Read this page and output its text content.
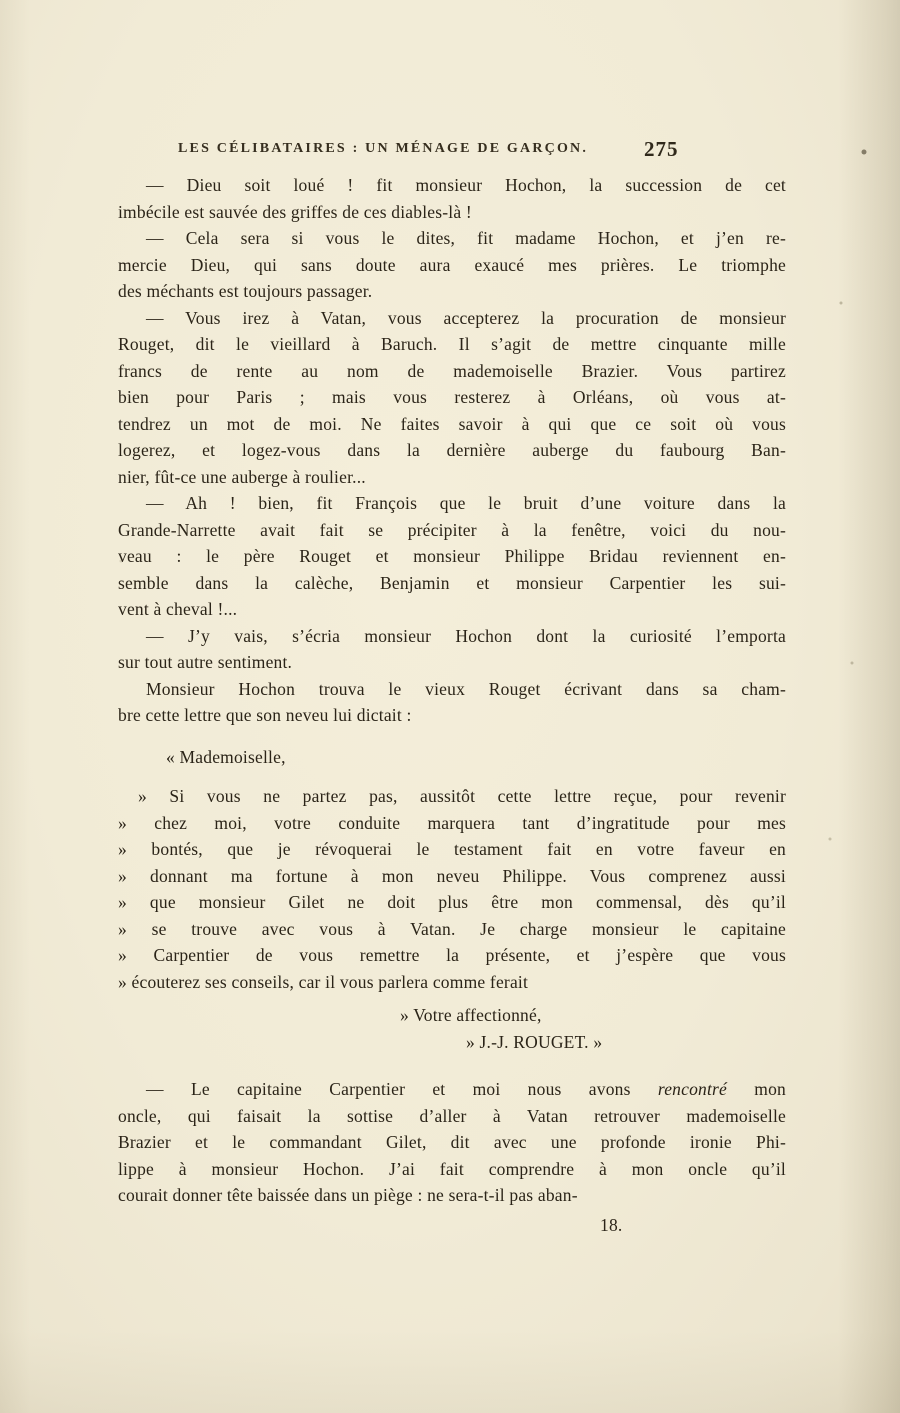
LES CÉLIBATAIRES : UN MÉNAGE DE GARÇON.	275
— Dieu soit loué ! fit monsieur Hochon, la succession de cet
imbécile est sauvée des griffes de ces diables-là !
— Cela sera si vous le dites, fit madame Hochon, et j’en re-
mercie Dieu, qui sans doute aura exaucé mes prières. Le triomphe
des méchants est toujours passager.
— Vous irez à Vatan, vous accepterez la procuration de monsieur
Rouget, dit le vieillard à Baruch. Il s’agit de mettre cinquante mille
francs de rente au nom de mademoiselle Brazier. Vous partirez
bien pour Paris ; mais vous resterez à Orléans, où vous at-
tendrez un mot de moi. Ne faites savoir à qui que ce soit où vous
logerez, et logez-vous dans la dernière auberge du faubourg Ban-
nier, fût-ce une auberge à roulier...
— Ah ! bien, fit François que le bruit d’une voiture dans la
Grande-Narrette avait fait se précipiter à la fenêtre, voici du nou-
veau : le père Rouget et monsieur Philippe Bridau reviennent en-
semble dans la calèche, Benjamin et monsieur Carpentier les sui-
vent à cheval !...
— J’y vais, s’écria monsieur Hochon dont la curiosité l’emporta
sur tout autre sentiment.
Monsieur Hochon trouva le vieux Rouget écrivant dans sa cham-
bre cette lettre que son neveu lui dictait :
« Mademoiselle,
» Si vous ne partez pas, aussitôt cette lettre reçue, pour revenir
» chez moi, votre conduite marquera tant d’ingratitude pour mes
» bontés, que je révoquerai le testament fait en votre faveur en
» donnant ma fortune à mon neveu Philippe. Vous comprenez aussi
» que monsieur Gilet ne doit plus être mon commensal, dès qu’il
» se trouve avec vous à Vatan. Je charge monsieur le capitaine
» Carpentier de vous remettre la présente, et j’espère que vous
» écouterez ses conseils, car il vous parlera comme ferait
» Votre affectionné,
» J.-J. ROUGET. »
— Le capitaine Carpentier et moi nous avons rencontré mon
oncle, qui faisait la sottise d’aller à Vatan retrouver mademoiselle
Brazier et le commandant Gilet, dit avec une profonde ironie Phi-
lippe à monsieur Hochon. J’ai fait comprendre à mon oncle qu’il
courait donner tête baissée dans un piège : ne sera-t-il pas aban-
18.
